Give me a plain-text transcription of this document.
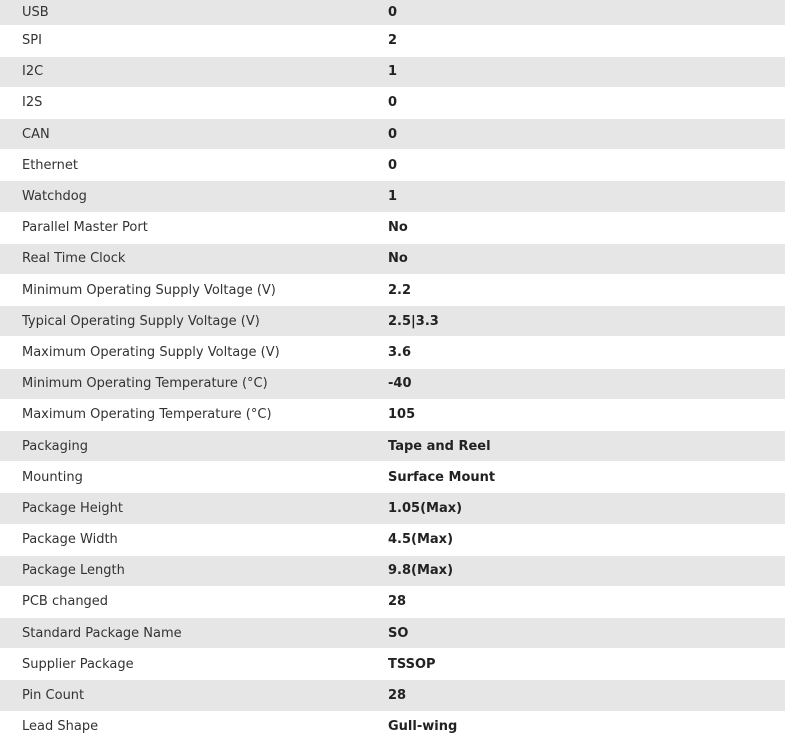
USB	0
SPI	2
I2C	1
I2S	0
CAN	0
Ethernet	0
Watchdog	1
Parallel Master Port	No
Real Time Clock	No
Minimum Operating Supply Voltage (V)	2.2
Typical Operating Supply Voltage (V)	2.5|3.3
Maximum Operating Supply Voltage (V)	3.6
Minimum Operating Temperature (°C)	-40
Maximum Operating Temperature (°C)	105
Packaging	Tape and Reel
Mounting	Surface Mount
Package Height	1.05(Max)
Package Width	4.5(Max)
Package Length	9.8(Max)
PCB changed	28
Standard Package Name	SO
Supplier Package	TSSOP
Pin Count	28
Lead Shape	Gull-wing
